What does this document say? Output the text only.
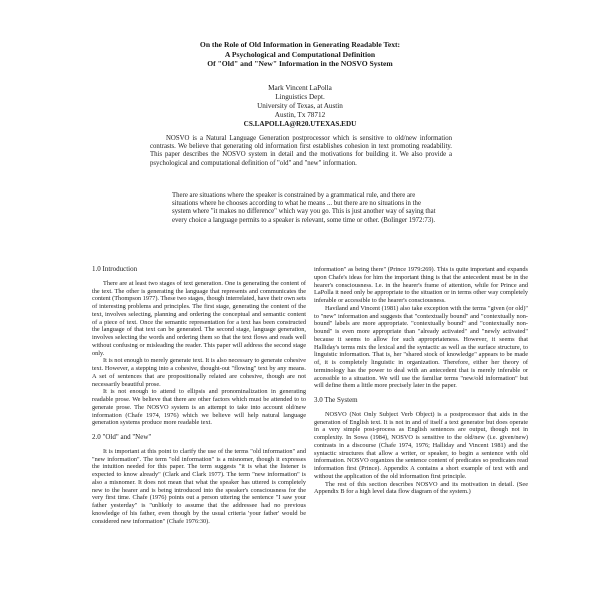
On the Role of Old Information in Generating Readable Text:
A Psychological and Computational Definition
Of "Old" and "New" Information in the NOSVO System
Mark Vincent LaPolla
Linguistics Dept.
University of Texas, at Austin
Austin, Tx 78712
CS.LAPOLLA@R20.UTEXAS.EDU

NOSVO is a Natural Language Generation postprocessor which is sensitive to old/new information contrasts. We believe that generating old information first establishes cohesion in text promoting readability. This paper describes the NOSVO system in detail and the motivations for building it. We also provide a psychological and computational definition of "old" and "new" information.

There are situations where the speaker is constrained by a grammatical rule, and there are situations where he chooses according to what he means ... but there are no situations in the system where "it makes no difference" which way you go. This is just another way of saying that every choice a language permits to a speaker is relevant, some time or other. (Bolinger 1972:73).

1.0 Introduction

There are at least two stages of text generation. One is generating the content of the text. The other is generating the language that represents and communicates the content (Thompson 1977). These two stages, though interrelated, have their own sets of interesting problems and principles. The first stage, generating the content of the text, involves selecting, planning and ordering the conceptual and semantic content of a piece of text. Once the semantic representation for a text has been constructed the language of that text can be generated. The second stage, language generation, involves selecting the words and ordering them so that the text flows and reads well without confusing or misleading the reader. This paper will address the second stage only.

It is not enough to merely generate text. It is also necessary to generate cohesive text. However, a stepping into a cohesive, thought-out "flowing" text by any means. A set of sentences that are propositionally related are cohesive, though are not necessarily beautiful prose.

It is not enough to attend to ellipsis and pronominalization in generating readable prose. We believe that there are other factors which must be attended to to generate prose. The NOSVO system is an attempt to take into account old/new information (Chafe 1974, 1976) which we believe will help natural language generation systems produce more readable text.

2.0 "Old" and "New"

It is important at this point to clarify the use of the terms "old information" and "new information". The term "old information" is a misnomer, though it expresses the intuition needed for this paper. The term suggests "it is what the listener is expected to know already" (Clark and Clark 1977). The term "new information" is also a misnomer. It does not mean that what the speaker has uttered is completely new to the hearer and is being introduced into the speaker's consciousness for the very first time. Chafe (1976) points out a person uttering the sentence "I saw your father yesterday" is "unlikely to assume that the addressee had no previous knowledge of his father, even though by the usual criteria 'your father' would be considered new information" (Chafe 1976:30).

information" as being there" (Prince 1979:269). This is quite important and expands upon Chafe's ideas for him the important thing is that the antecedent must be in the hearer's consciousness. I.e. in the hearer's frame of attention, while for Prince and LaPolla it need only be appropriate to the situation or in terms other way completely inferable or accessible to the hearer's consciousness.

Haviland and Vincent (1981) also take exception with the terms "given (or old)" to "new" information and suggests that "contextually bound" and "contextually non-bound" labels are more appropriate. "contextually bound" and "contextually non-bound" is even more appropriate than "already activated" and "newly activated" because it seems to allow for such appropriateness. However, it seems that Halliday's terms mix the lexical and the syntactic as well as the surface structure, to linguistic information. That is, her "shared stock of knowledge" appears to be made of, it is completely linguistic in organization. Therefore, either her theory of terminology has the power to deal with an antecedent that is merely inferable or accessible to a situation. We will use the familiar terms "new/old information" but will define them a little more precisely later in the paper.

3.0 The System

NOSVO (Not Only Subject Verb Object) is a postprocessor that aids in the generation of English text. It is not in and of itself a text generator but does operate in a very simple post-process as English sentences are output, though not in complexity. In Sowa (1984), NOSVO is sensitive to the old/new (i.e. given/new) contrasts in a discourse (Chafe 1974, 1976; Halliday and Vincent 1981) and the syntactic structures that allow a writer, or speaker, to begin a sentence with old information. NOSVO organizes the sentence content of predicates so predicates read information first (Prince). Appendix A contains a short example of text with and without the application of the old information first principle.

The rest of this section describes NOSVO and its motivation in detail. (See Appendix B for a high level data flow diagram of the system.)
